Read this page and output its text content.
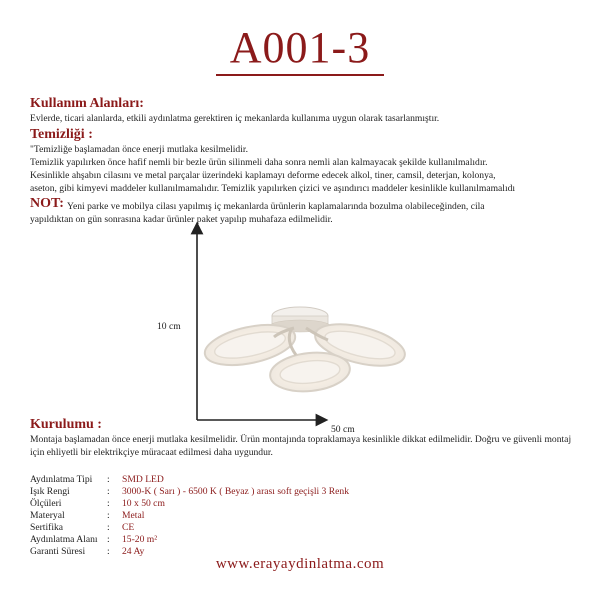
A001-3
Kullanım Alanları:
Evlerde, ticari alanlarda, etkili aydınlatma gerektiren iç mekanlarda kullanıma uygun olarak tasarlanmıştır.
Temizliği :
"Temizliğe başlamadan önce enerji mutlaka kesilmelidir.
Temizlik yapılırken önce hafif nemli bir bezle ürün silinmeli daha sonra nemli alan kalmayacak şekilde kullanılmalıdır.
Kesinlikle ahşabın cilasını ve metal parçalar üzerindeki kaplamayı deforme edecek alkol, tiner, camsil, deterjan, kolonya,
aseton, gibi kimyevi maddeler kullanılmamalıdır. Temizlik yapılırken çizici ve aşındırıcı maddeler kesinlikle kullanılmamalıdı
NOT: Yeni parke ve mobilya cilası yapılmış iç mekanlarda ürünlerin kaplamalarında bozulma olabileceğinden, cila
yapıldıktan on gün sonrasına kadar ürünler paket yapılıp muhafaza edilmelidir.
10 cm
50 cm
Kurulumu :
Montaja başlamadan önce enerji mutlaka kesilmelidir. Ürün montajında topraklamaya kesinlikle dikkat edilmelidir. Doğru ve güvenli montaj için ehliyetli bir elektrikçiye müracaat edilmesi daha uygundur.
Aydınlatma Tipi : SMD LED
Işık Rengi	: 3000-K ( Sarı ) - 6500 K ( Beyaz ) arası soft geçişli 3 Renk
Ölçüleri	: 10 x 50 cm
Materyal	: Metal
Sertifika	: CE
Aydınlatma Alanı : 15-20 m²
Garanti Süresi : 24 Ay
www.erayaydinlatma.com
